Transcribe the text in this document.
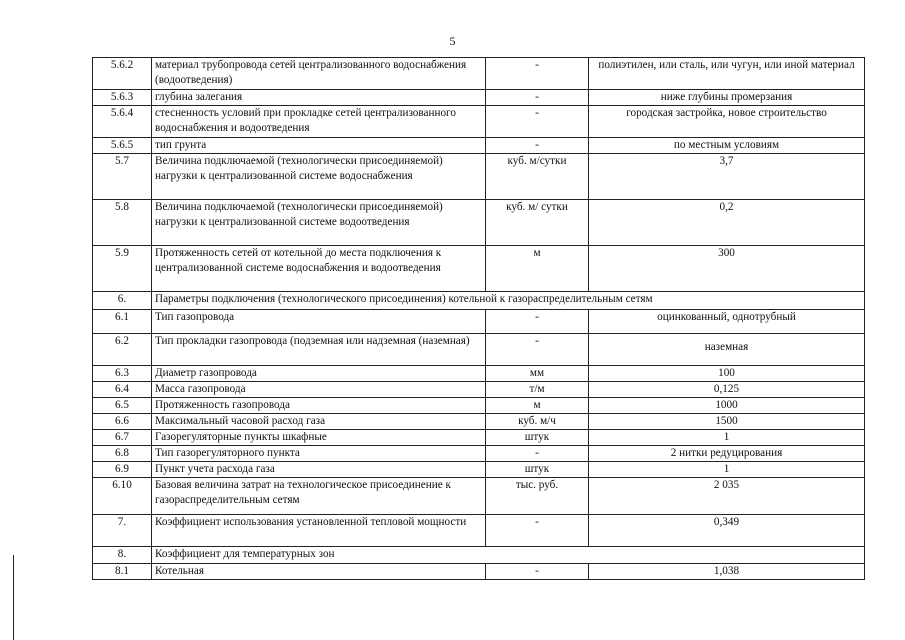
5
5.6.2	материал трубопровода сетей централизованного водоснабжения (водоотведения)	-	полиэтилен, или сталь, или чугун, или иной материал
5.6.3	глубина залегания	-	ниже глубины промерзания
5.6.4	стесненность условий при прокладке сетей централизованного водоснабжения и водоотведения	-	городская застройка, новое строительство
5.6.5	тип грунта	-	по местным условиям
5.7	Величина подключаемой (технологически присоединяемой) нагрузки к централизованной системе водоснабжения	куб. м/сутки	3,7
5.8	Величина подключаемой (технологически присоединяемой) нагрузки к централизованной системе водоотведения	куб. м/ сутки	0,2
5.9	Протяженность сетей от котельной до места подключения к централизованной системе водоснабжения и водоотведения	м	300
6.	Параметры подключения (технологического присоединения) котельной к газораспределительным сетям		
6.1	Тип газопровода	-	оцинкованный, однотрубный
6.2	Тип прокладки газопровода (подземная или надземная (наземная)	-	наземная
6.3	Диаметр газопровода	мм	100
6.4	Масса газопровода	т/м	0,125
6.5	Протяженность газопровода	м	1000
6.6	Максимальный часовой расход газа	куб. м/ч	1500
6.7	Газорегуляторные пункты шкафные	штук	1
6.8	Тип газорегуляторного пункта	-	2 нитки редуцирования
6.9	Пункт учета расхода газа	штук	1
6.10	Базовая величина затрат на технологическое присоединение к газораспределительным сетям	тыс. руб.	2 035
7.	Коэффициент использования установленной тепловой мощности	-	0,349
8.	Коэффициент для температурных зон		
8.1	Котельная	-	1,038
